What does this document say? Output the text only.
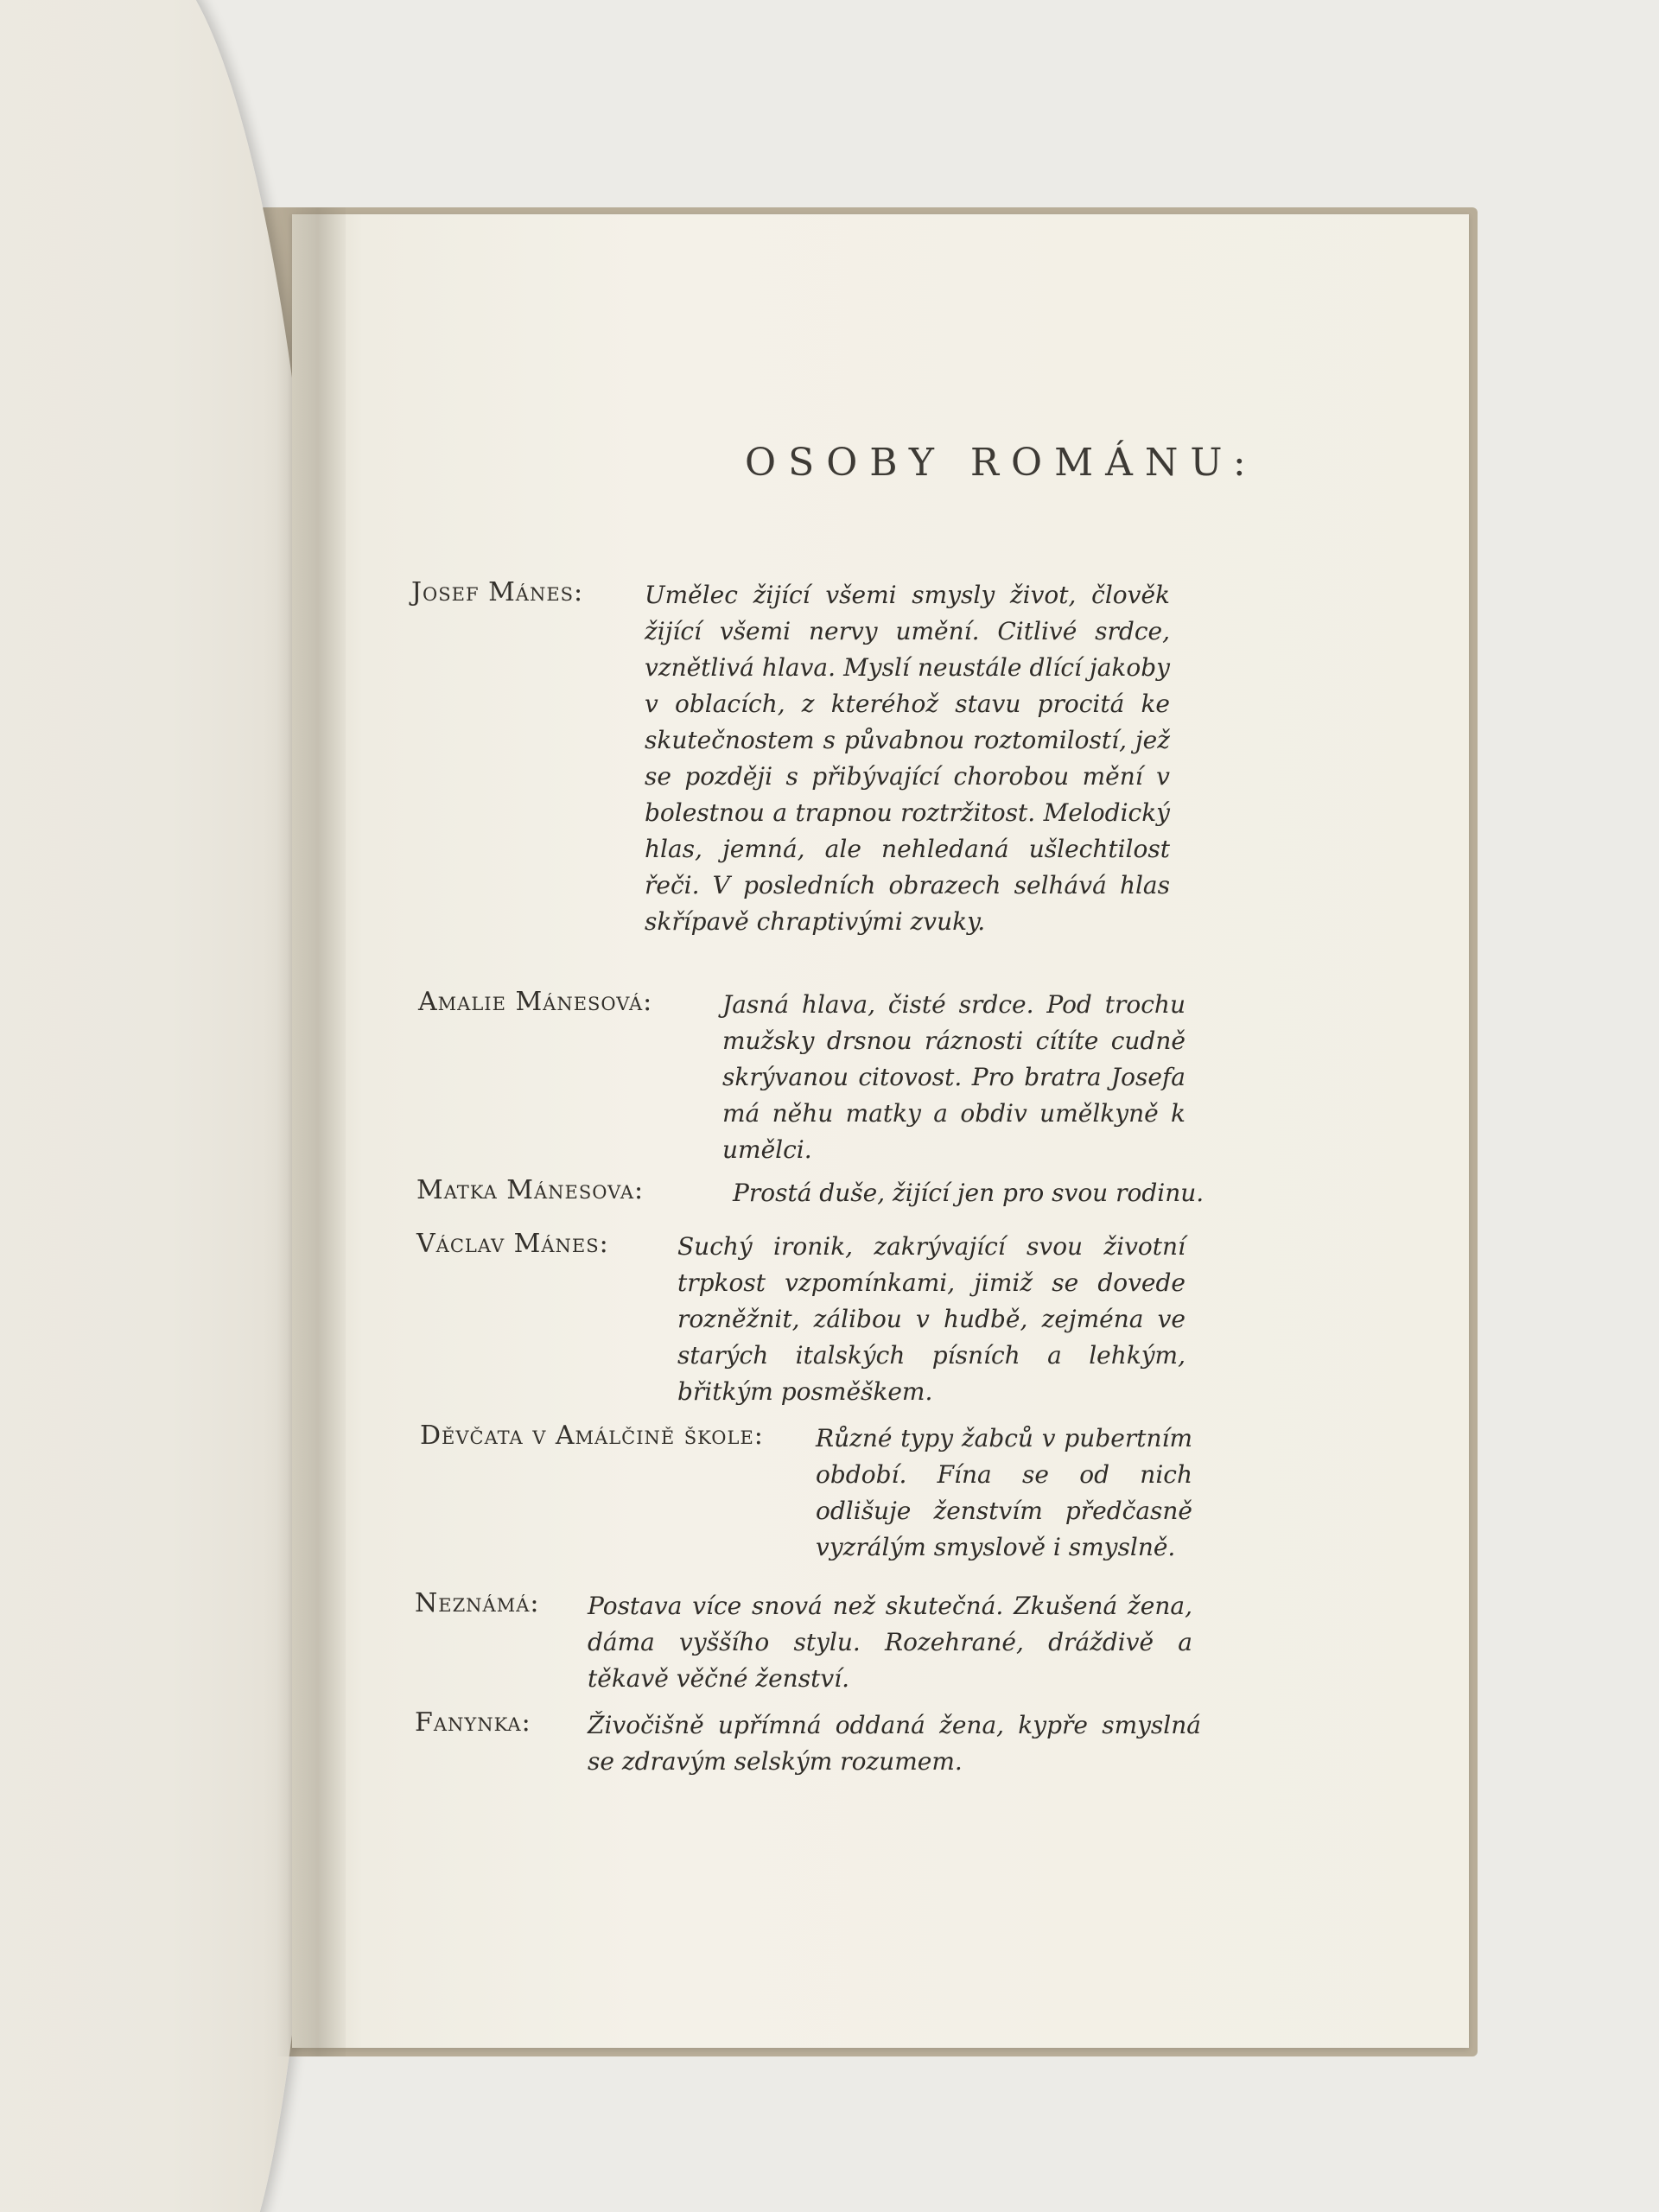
OSOBY ROMÁNU:
Josef Mánes:	Umělec žijící všemi smysly život, člověk žijící všemi nervy umění. Citlivé srdce, vznětlivá hlava. Myslí neustále dlící jakoby v oblacích, z kteréhož stavu procitá ke skutečnostem s půvabnou roztomilostí, jež se později s přibývající chorobou mění v bolestnou a trapnou roztržitost. Melodický hlas, jemná, ale nehledaná ušlechtilost řeči. V posledních obrazech selhává hlas skřípavě chraptivými zvuky.
Amalie Mánesová:	Jasná hlava, čisté srdce. Pod trochu mužsky drsnou ráznosti cítíte cudně skrývanou citovost. Pro bratra Josefa má něhu matky a obdiv umělkyně k umělci.
Matka Mánesova:	Prostá duše, žijící jen pro svou rodinu.
Václav Mánes:	Suchý ironik, zakrývající svou životní trpkost vzpomínkami, jimiž se dovede rozněžnit, zálibou v hudbě, zejména ve starých italských písních a lehkým, břitkým posměškem.
Děvčata v Amálčině škole: Různé typy žabců v pubertním období. Fína se od nich odlišuje ženstvím předčasně vyzrálým smyslově i smyslně.
Neznámá: Postava více snová než skutečná. Zkušená žena, dáma vyššího stylu. Rozehrané, dráždivě a těkavě věčné ženství.
Fanynka: Živočišně upřímná oddaná žena, kypře smyslná se zdravým selským rozumem.
